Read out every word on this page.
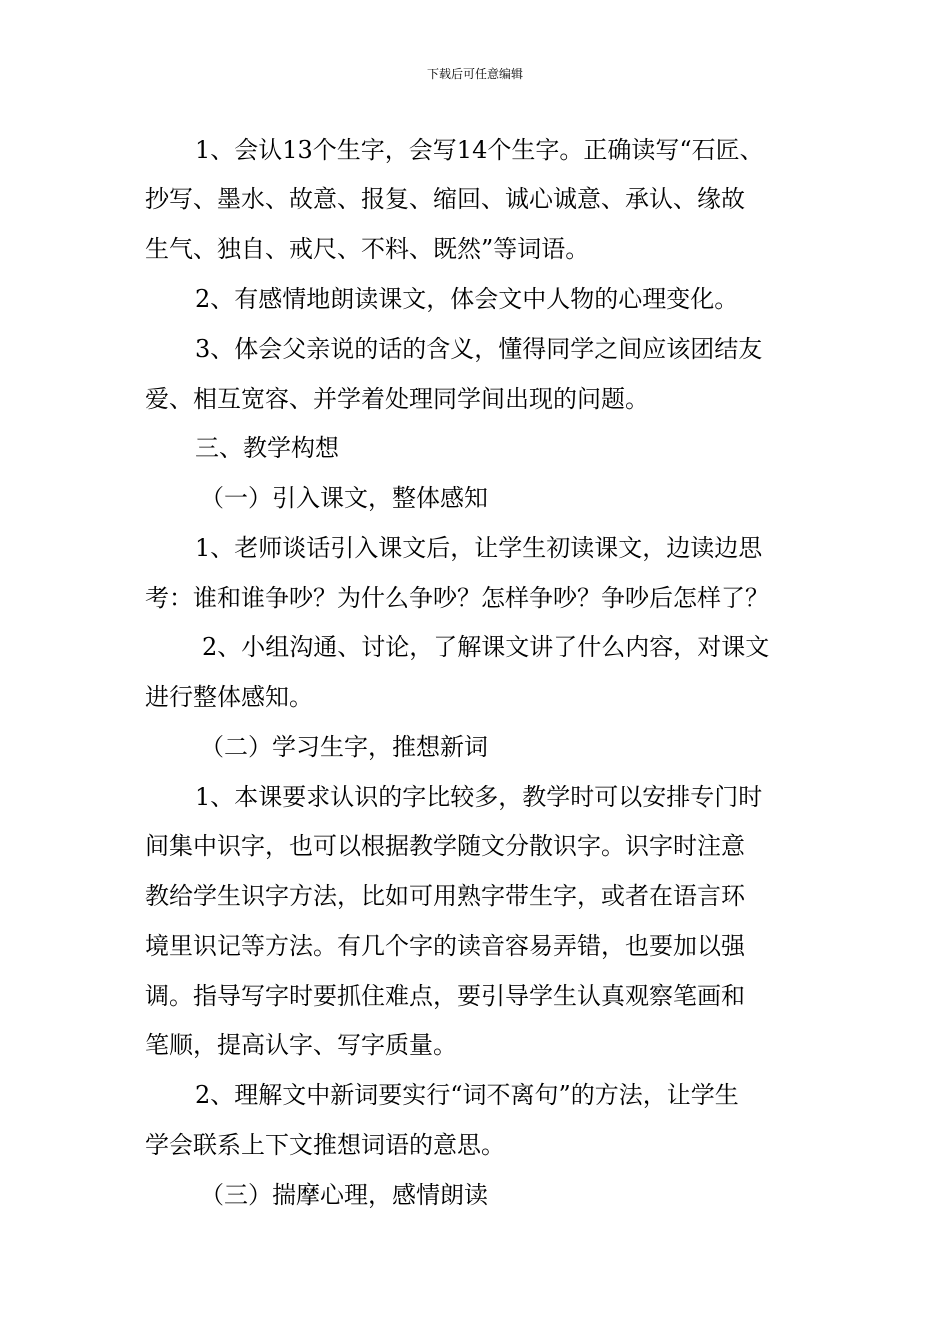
下载后可任意编辑
1、会认13个生字，会写14个生字。正确读写“石匠、
抄写、墨水、故意、报复、缩回、诚心诚意、承认、缘故
生气、独自、戒尺、不料、既然”等词语。
2、有感情地朗读课文，体会文中人物的心理变化。
3、体会父亲说的话的含义，懂得同学之间应该团结友
爱、相互宽容、并学着处理同学间出现的问题。
三、教学构想
（一）引入课文，整体感知
1、老师谈话引入课文后，让学生初读课文，边读边思
考：谁和谁争吵？为什么争吵？怎样争吵？争吵后怎样了？
2、小组沟通、讨论，了解课文讲了什么内容，对课文
进行整体感知。
（二）学习生字，推想新词
1、本课要求认识的字比较多，教学时可以安排专门时
间集中识字，也可以根据教学随文分散识字。识字时注意
教给学生识字方法，比如可用熟字带生字，或者在语言环
境里识记等方法。有几个字的读音容易弄错，也要加以强
调。指导写字时要抓住难点，要引导学生认真观察笔画和
笔顺，提高认字、写字质量。
2、理解文中新词要实行“词不离句”的方法，让学生
学会联系上下文推想词语的意思。
（三）揣摩心理，感情朗读
